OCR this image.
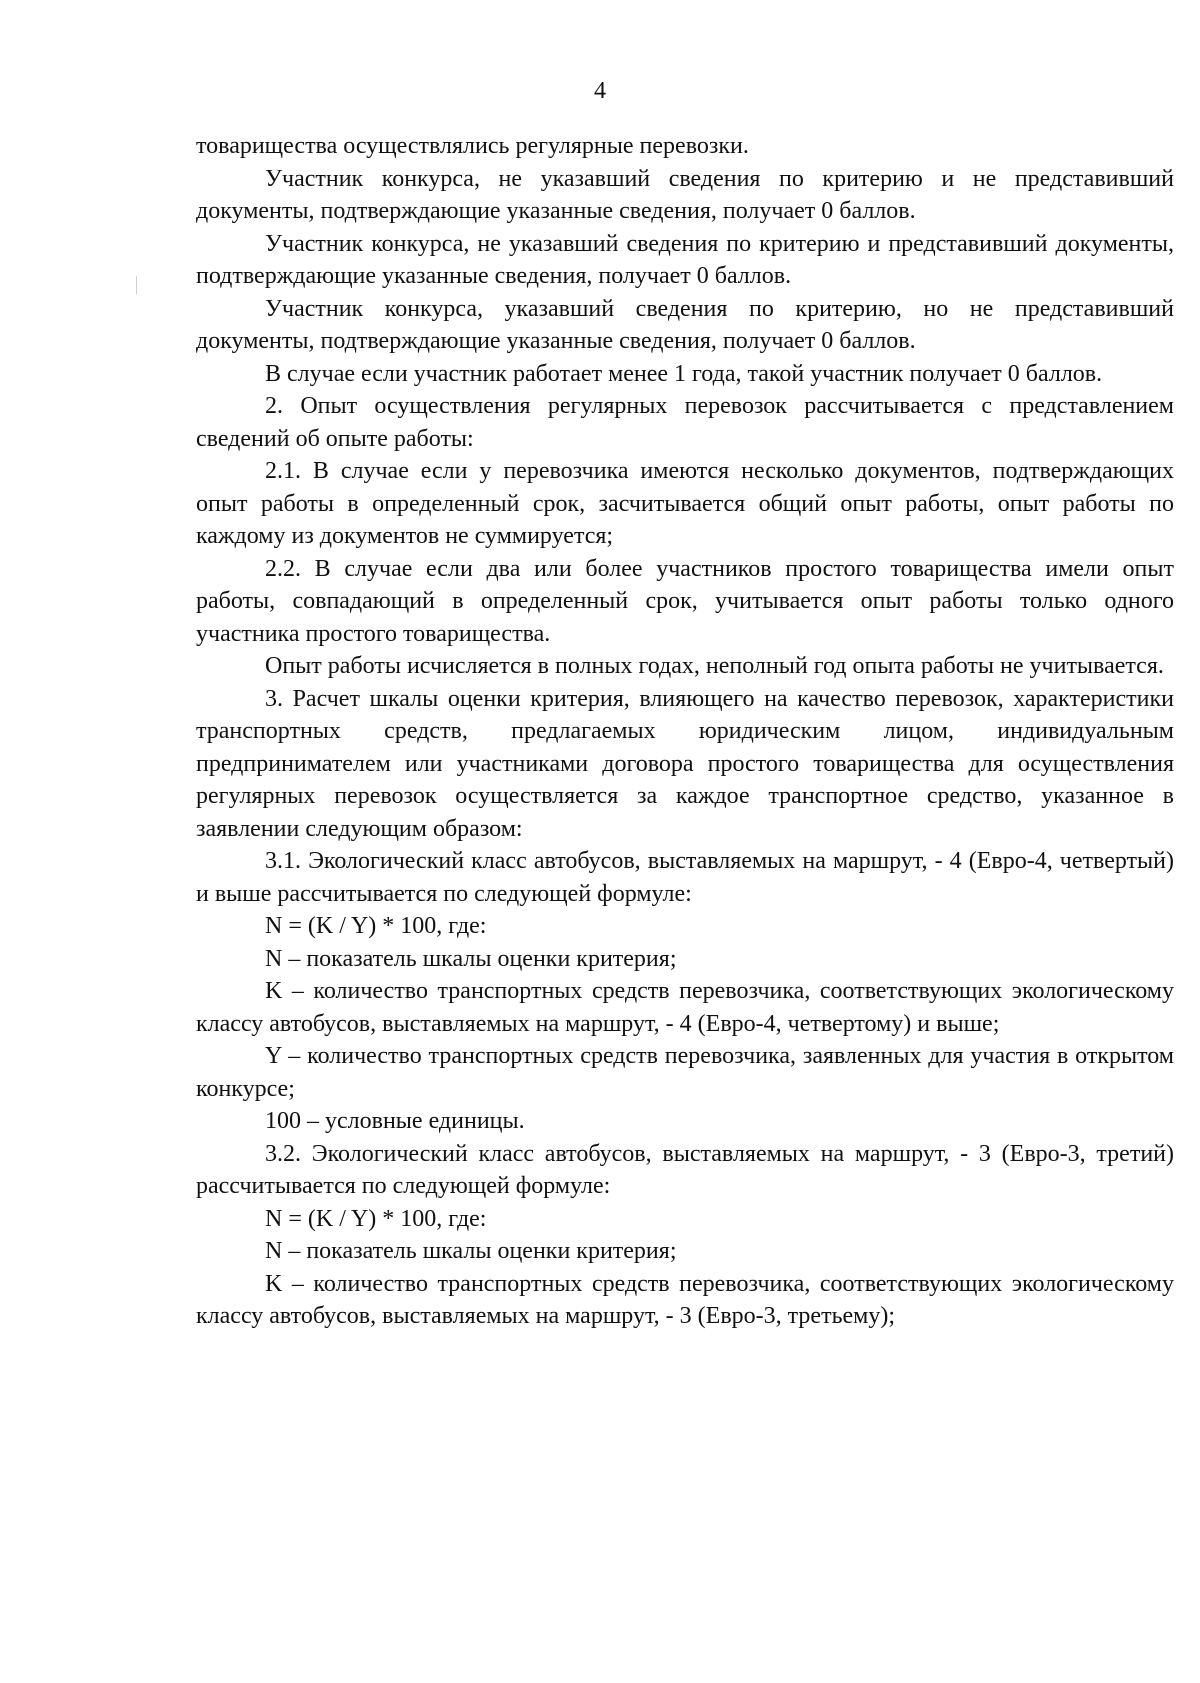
4

товарищества осуществлялись регулярные перевозки.

Участник конкурса, не указавший сведения по критерию и не представивший документы, подтверждающие указанные сведения, получает 0 баллов.

Участник конкурса, не указавший сведения по критерию и представивший документы, подтверждающие указанные сведения, получает 0 баллов.

Участник конкурса, указавший сведения по критерию, но не представивший документы, подтверждающие указанные сведения, получает 0 баллов.

В случае если участник работает менее 1 года, такой участник получает 0 баллов.

2. Опыт осуществления регулярных перевозок рассчитывается с представлением сведений об опыте работы:

2.1. В случае если у перевозчика имеются несколько документов, подтверждающих опыт работы в определенный срок, засчитывается общий опыт работы, опыт работы по каждому из документов не суммируется;

2.2. В случае если два или более участников простого товарищества имели опыт работы, совпадающий в определенный срок, учитывается опыт работы только одного участника простого товарищества.

Опыт работы исчисляется в полных годах, неполный год опыта работы не учитывается.

3. Расчет шкалы оценки критерия, влияющего на качество перевозок, характеристики транспортных средств, предлагаемых юридическим лицом, индивидуальным предпринимателем или участниками договора простого товарищества для осуществления регулярных перевозок осуществляется за каждое транспортное средство, указанное в заявлении следующим образом:

3.1. Экологический класс автобусов, выставляемых на маршрут, - 4 (Евро-4, четвертый) и выше рассчитывается по следующей формуле:

N = (K / Y) * 100, где:

N – показатель шкалы оценки критерия;

K – количество транспортных средств перевозчика, соответствующих экологическому классу автобусов, выставляемых на маршрут, - 4 (Евро-4, четвертому) и выше;

Y – количество транспортных средств перевозчика, заявленных для участия в открытом конкурсе;

100 – условные единицы.

3.2. Экологический класс автобусов, выставляемых на маршрут, - 3 (Евро-3, третий) рассчитывается по следующей формуле:

N = (K / Y) * 100, где:

N – показатель шкалы оценки критерия;

K – количество транспортных средств перевозчика, соответствующих экологическому классу автобусов, выставляемых на маршрут, - 3 (Евро-3, третьему);
